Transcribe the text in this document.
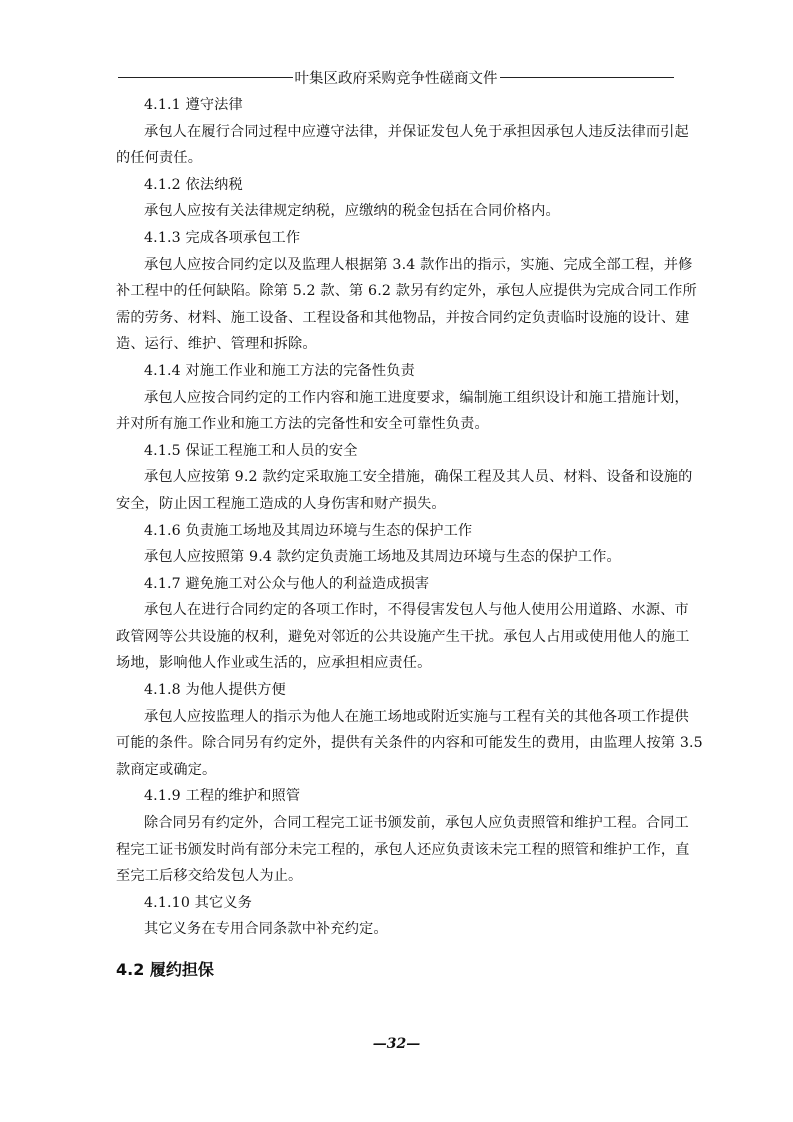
叶集区政府采购竞争性磋商文件
4.1.1 遵守法律
承包人在履行合同过程中应遵守法律，并保证发包人免于承担因承包人违反法律而引起
的任何责任。
4.1.2 依法纳税
承包人应按有关法律规定纳税，应缴纳的税金包括在合同价格内。
4.1.3 完成各项承包工作
承包人应按合同约定以及监理人根据第 3.4 款作出的指示，实施、完成全部工程，并修
补工程中的任何缺陷。除第 5.2 款、第 6.2 款另有约定外，承包人应提供为完成合同工作所
需的劳务、材料、施工设备、工程设备和其他物品，并按合同约定负责临时设施的设计、建
造、运行、维护、管理和拆除。
4.1.4 对施工作业和施工方法的完备性负责
承包人应按合同约定的工作内容和施工进度要求，编制施工组织设计和施工措施计划，
并对所有施工作业和施工方法的完备性和安全可靠性负责。
4.1.5 保证工程施工和人员的安全
承包人应按第 9.2 款约定采取施工安全措施，确保工程及其人员、材料、设备和设施的
安全，防止因工程施工造成的人身伤害和财产损失。
4.1.6 负责施工场地及其周边环境与生态的保护工作
承包人应按照第 9.4 款约定负责施工场地及其周边环境与生态的保护工作。
4.1.7 避免施工对公众与他人的利益造成损害
承包人在进行合同约定的各项工作时，不得侵害发包人与他人使用公用道路、水源、市
政管网等公共设施的权利，避免对邻近的公共设施产生干扰。承包人占用或使用他人的施工
场地，影响他人作业或生活的，应承担相应责任。
4.1.8 为他人提供方便
承包人应按监理人的指示为他人在施工场地或附近实施与工程有关的其他各项工作提供
可能的条件。除合同另有约定外，提供有关条件的内容和可能发生的费用，由监理人按第 3.5
款商定或确定。
4.1.9 工程的维护和照管
除合同另有约定外，合同工程完工证书颁发前，承包人应负责照管和维护工程。合同工
程完工证书颁发时尚有部分未完工程的，承包人还应负责该未完工程的照管和维护工作，直
至完工后移交给发包人为止。
4.1.10 其它义务
其它义务在专用合同条款中补充约定。
4.2 履约担保
—32—
